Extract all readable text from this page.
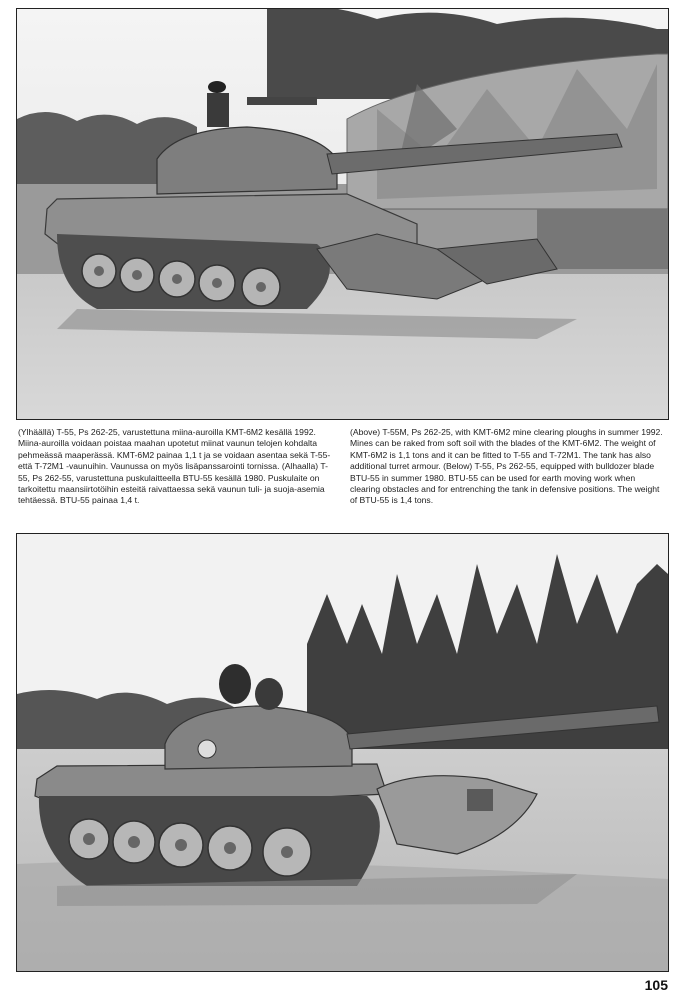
(Ylhäällä) T-55, Ps 262-25, varustettuna miina-auroilla KMT-6M2 kesällä 1992. Miina-auroilla voidaan poistaa maahan upotetut miinat vaunun telojen kohdalta pehmeässä maaperässä. KMT-6M2 painaa 1,1 t ja se voidaan asentaa sekä T-55- että T-72M1 -vaunuihin. Vaunussa on myös lisäpanssarointi tornissa. (Alhaalla) T-55, Ps 262-55, varustettuna puskulaitteella BTU-55 kesällä 1980. Puskulaite on tarkoitettu maansiirtotöihin esteitä raivattaessa sekä vaunun tuli- ja suoja-asemia tehtäessä. BTU-55 painaa 1,4 t.

(Above) T-55M, Ps 262-25, with KMT-6M2 mine clearing ploughs in summer 1992. Mines can be raked from soft soil with the blades of the KMT-6M2. The weight of KMT-6M2 is 1,1 tons and it can be fitted to T-55 and T-72M1. The tank has also additional turret armour. (Below) T-55, Ps 262-55, equipped with bulldozer blade BTU-55 in summer 1980. BTU-55 can be used for earth moving work when clearing obstacles and for entrenching the tank in defensive positions. The weight of BTU-55 is 1,4 tons.

105
